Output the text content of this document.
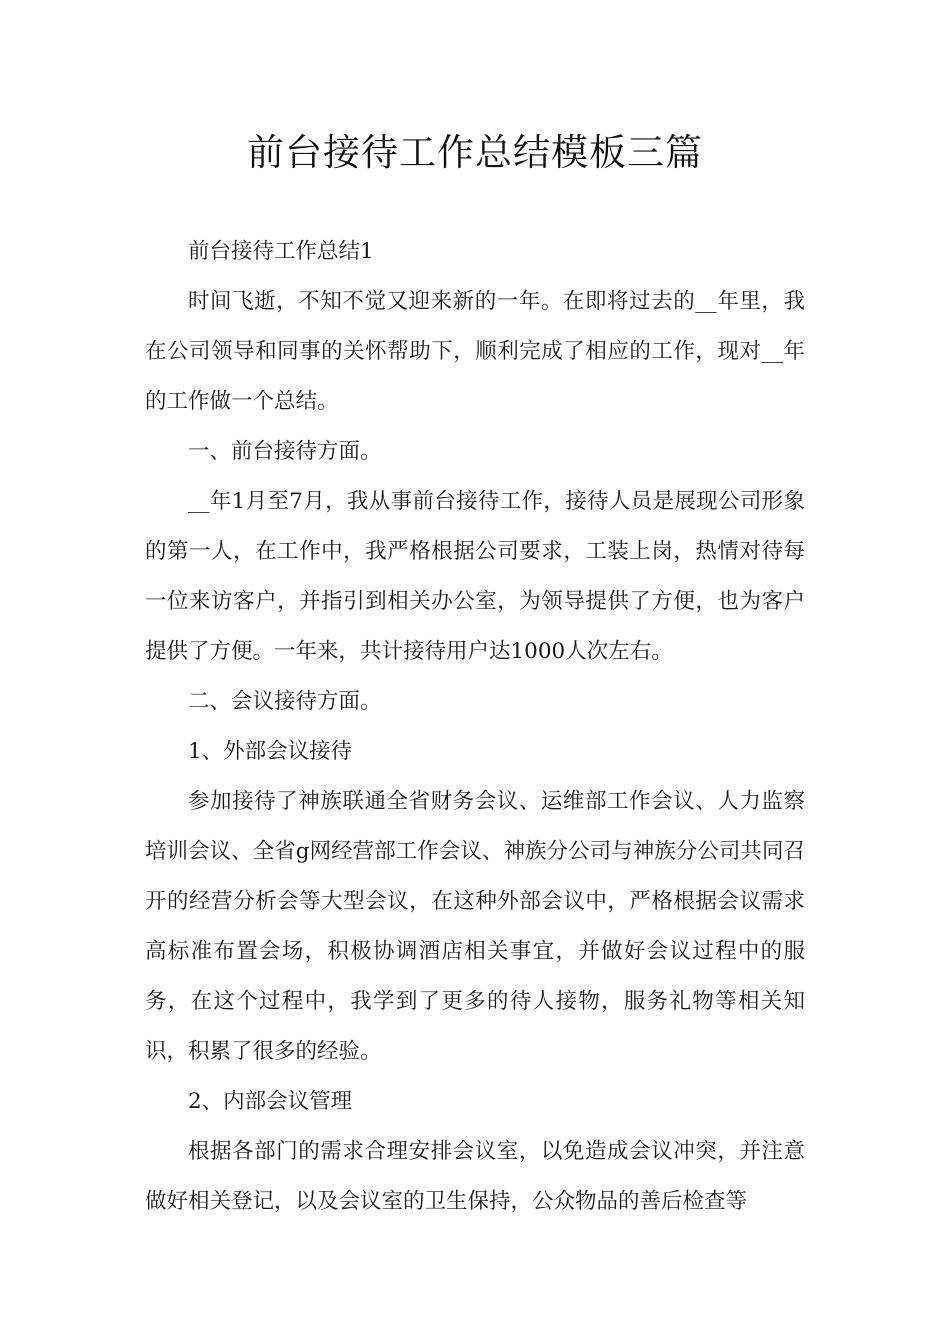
前台接待工作总结模板三篇

前台接待工作总结1

时间飞逝，不知不觉又迎来新的一年。在即将过去的__年里，我在公司领导和同事的关怀帮助下，顺利完成了相应的工作，现对__年的工作做一个总结。

一、前台接待方面。

__年1月至7月，我从事前台接待工作，接待人员是展现公司形象的第一人，在工作中，我严格根据公司要求，工装上岗，热情对待每一位来访客户，并指引到相关办公室，为领导提供了方便，也为客户提供了方便。一年来，共计接待用户达1000人次左右。

二、会议接待方面。

1、外部会议接待

参加接待了神族联通全省财务会议、运维部工作会议、人力监察培训会议、全省g网经营部工作会议、神族分公司与神族分公司共同召开的经营分析会等大型会议，在这种外部会议中，严格根据会议需求高标准布置会场，积极协调酒店相关事宜，并做好会议过程中的服务，在这个过程中，我学到了更多的待人接物，服务礼物等相关知识，积累了很多的经验。

2、内部会议管理

根据各部门的需求合理安排会议室，以免造成会议冲突，并注意做好相关登记，以及会议室的卫生保持，公众物品的善后检查等
